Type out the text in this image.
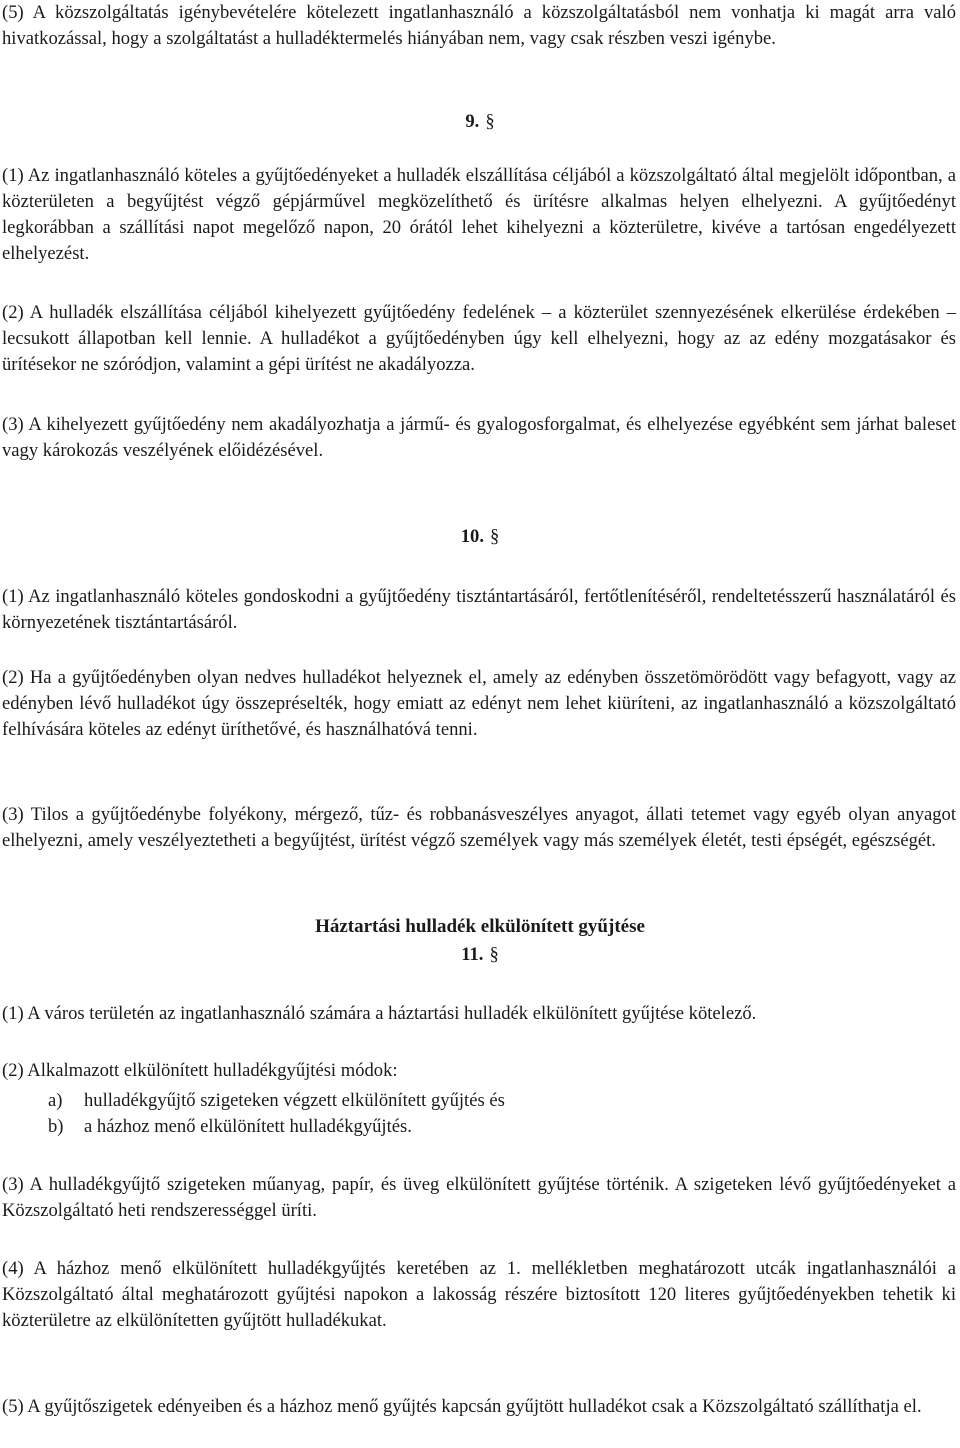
(5) A közszolgáltatás igénybevételére kötelezett ingatlanhasználó a közszolgáltatásból nem vonhatja ki magát arra való hivatkozással, hogy a szolgáltatást a hulladéktermelés hiányában nem, vagy csak részben veszi igénybe.

9. §

(1) Az ingatlanhasználó köteles a gyűjtőedényeket a hulladék elszállítása céljából a közszolgáltató által megjelölt időpontban, a közterületen a begyűjtést végző gépjárművel megközelíthető és ürítésre alkalmas helyen elhelyezni. A gyűjtőedényt legkorábban a szállítási napot megelőző napon, 20 órától lehet kihelyezni a közterületre, kivéve a tartósan engedélyezett elhelyezést.

(2) A hulladék elszállítása céljából kihelyezett gyűjtőedény fedelének – a közterület szennyezésének elkerülése érdekében – lecsukott állapotban kell lennie. A hulladékot a gyűjtőedényben úgy kell elhelyezni, hogy az az edény mozgatásakor és ürítésekor ne szóródjon, valamint a gépi ürítést ne akadályozza.

(3) A kihelyezett gyűjtőedény nem akadályozhatja a jármű- és gyalogosforgalmat, és elhelyezése egyébként sem járhat baleset vagy károkozás veszélyének előidézésével.

10. §

(1) Az ingatlanhasználó köteles gondoskodni a gyűjtőedény tisztántartásáról, fertőtlenítéséről, rendeltetésszerű használatáról és környezetének tisztántartásáról.

(2) Ha a gyűjtőedényben olyan nedves hulladékot helyeznek el, amely az edényben összetömörödött vagy befagyott, vagy az edényben lévő hulladékot úgy összepréselték, hogy emiatt az edényt nem lehet kiüríteni, az ingatlanhasználó a közszolgáltató felhívására köteles az edényt üríthetővé, és használhatóvá tenni.

(3) Tilos a gyűjtőedénybe folyékony, mérgező, tűz- és robbanásveszélyes anyagot, állati tetemet vagy egyéb olyan anyagot elhelyezni, amely veszélyeztetheti a begyűjtést, ürítést végző személyek vagy más személyek életét, testi épségét, egészségét.

Háztartási hulladék elkülönített gyűjtése
11. §

(1) A város területén az ingatlanhasználó számára a háztartási hulladék elkülönített gyűjtése kötelező.

(2) Alkalmazott elkülönített hulladékgyűjtési módok:

a) hulladékgyűjtő szigeteken végzett elkülönített gyűjtés és
b) a házhoz menő elkülönített hulladékgyűjtés.

(3) A hulladékgyűjtő szigeteken műanyag, papír, és üveg elkülönített gyűjtése történik. A szigeteken lévő gyűjtőedényeket a Közszolgáltató heti rendszerességgel üríti.

(4) A házhoz menő elkülönített hulladékgyűjtés keretében az 1. mellékletben meghatározott utcák ingatlanhasználói a Közszolgáltató által meghatározott gyűjtési napokon a lakosság részére biztosított 120 literes gyűjtőedényekben tehetik ki közterületre az elkülönítetten gyűjtött hulladékukat.

(5) A gyűjtőszigetek edényeiben és a házhoz menő gyűjtés kapcsán gyűjtött hulladékot csak a Közszolgáltató szállíthatja el.
